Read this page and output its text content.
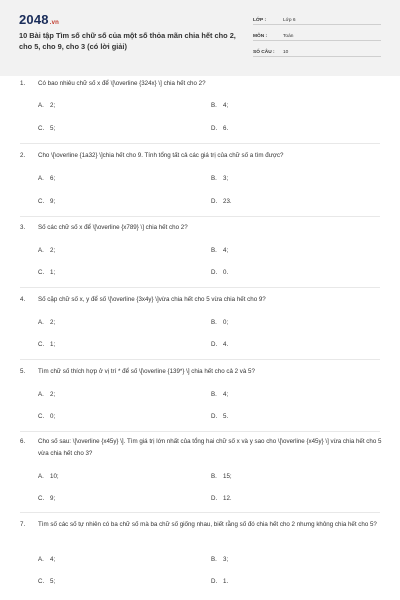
2048.vn
10 Bài tập Tìm số chữ số của một số thỏa mãn chia hết cho 2, cho 5, cho 9, cho 3 (có lời giải)
LỚP :	Lớp 6
MÔN :	Toán
SỐ CÂU :	10
1. Có bao nhiêu chữ số x để \[\overline {324x} \] chia hết cho 2?
A. 2;	B. 4;
C. 5;	D. 6.
2. Cho \[\overline {1a32} \]chia hết cho 9. Tính tổng tất cả các giá trị của chữ số a tìm được?
A. 6;	B. 3;
C. 9;	D. 23.
3. Số các chữ số x để \[\overline {x789} \] chia hết cho 2?
A. 2;	B. 4;
C. 1;	D. 0.
4. Số cặp chữ số x, y để số \[\overline {3x4y} \]vừa chia hết cho 5 vừa chia hết cho 9?
A. 2;	B. 0;
C. 1;	D. 4.
5. Tìm chữ số thích hợp ở vị trí * để số \[\overline {139*} \] chia hết cho cả 2 và 5?
A. 2;	B. 4;
C. 0;	D. 5.
6. Cho số sau: \[\overline {x45y} \]. Tìm giá trị lớn nhất của tổng hai chữ số x và y sao cho \[\overline {x45y} \] vừa chia hết cho 5 vừa chia hết cho 3?
A. 10;	B. 15;
C. 9;	D. 12.
7. Tìm số các số tự nhiên có ba chữ số mà ba chữ số giống nhau, biết rằng số đó chia hết cho 2 nhưng không chia hết cho 5?
A. 4;	B. 3;
C. 5;	D. 1.
